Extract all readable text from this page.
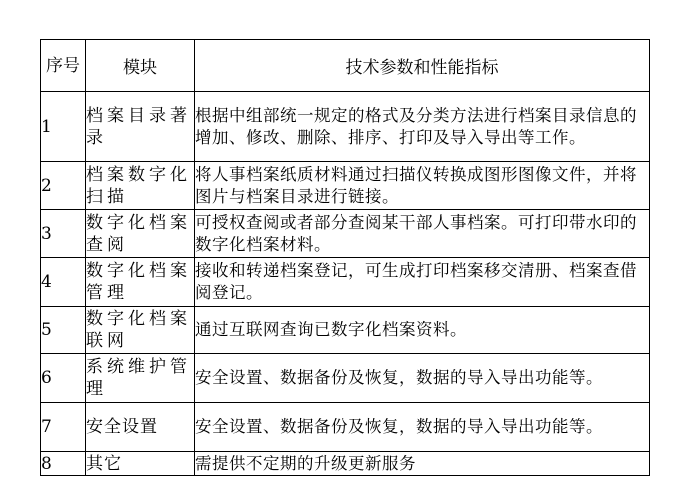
序号	模块	技术参数和性能指标
1	档案目录著录	根据中组部统一规定的格式及分类方法进行档案目录信息的增加、修改、删除、排序、打印及导入导出等工作。
2	档案数字化扫描	将人事档案纸质材料通过扫描仪转换成图形图像文件，并将图片与档案目录进行链接。
3	数字化档案查阅	可授权查阅或者部分查阅某干部人事档案。可打印带水印的数字化档案材料。
4	数字化档案管理	接收和转递档案登记，可生成打印档案移交清册、档案查借阅登记。
5	数字化档案联网	通过互联网查询已数字化档案资料。
6	系统维护管理	安全设置、数据备份及恢复，数据的导入导出功能等。
7	安全设置	安全设置、数据备份及恢复，数据的导入导出功能等。
8	其它	需提供不定期的升级更新服务
